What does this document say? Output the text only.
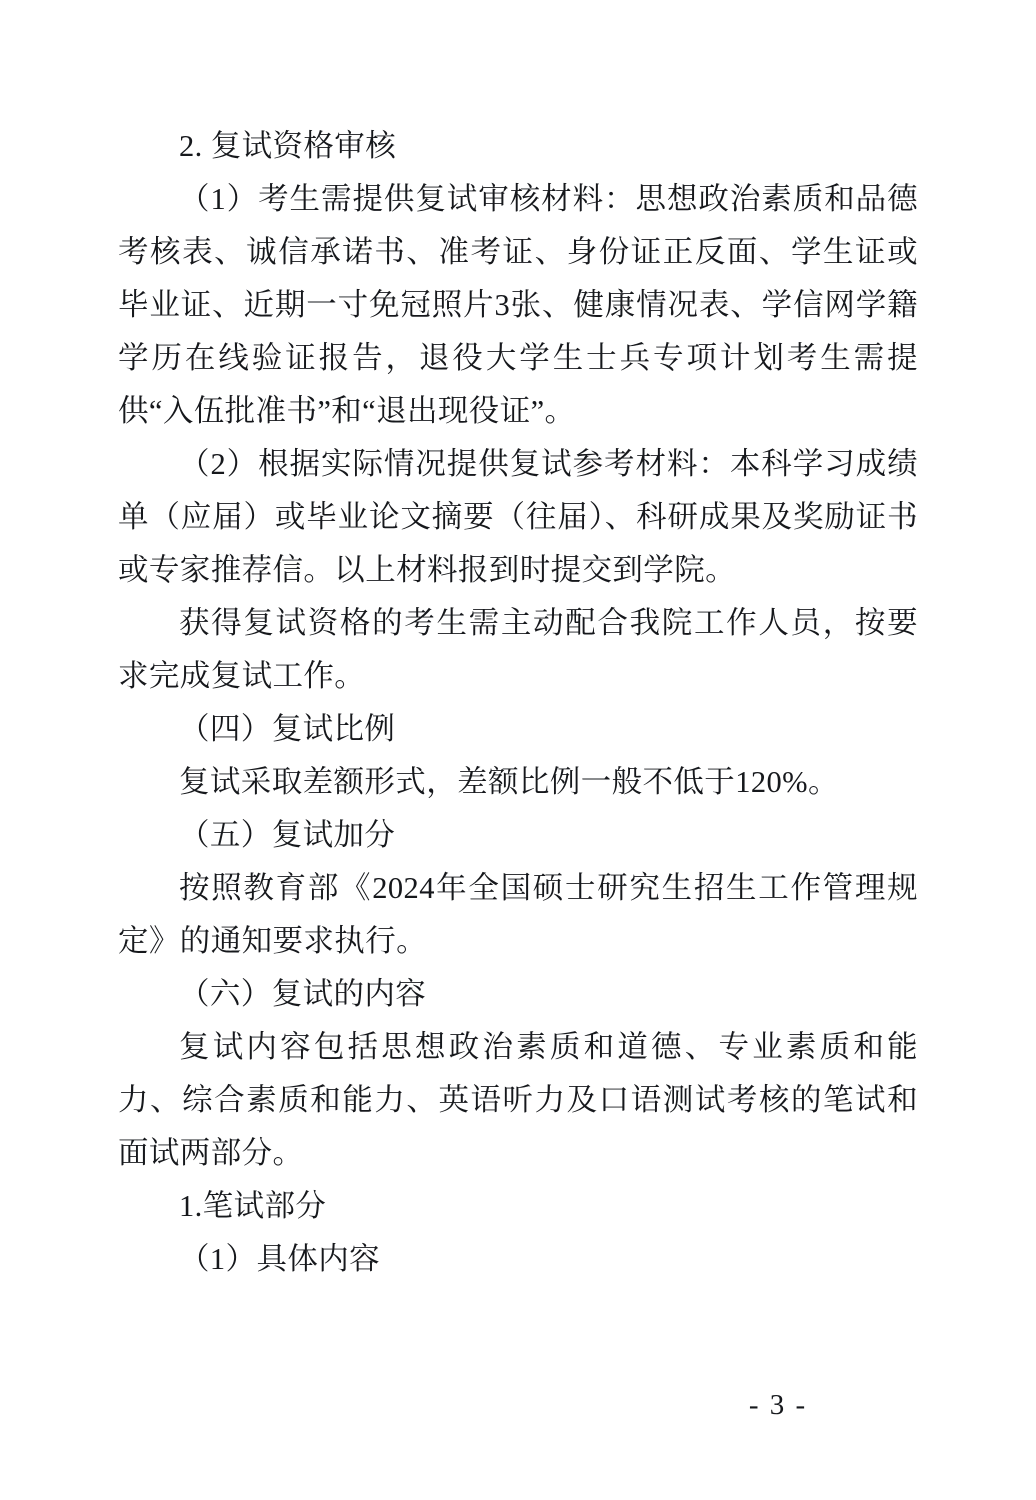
2. 复试资格审核

（1）考生需提供复试审核材料：思想政治素质和品德考核表、诚信承诺书、准考证、身份证正反面、学生证或毕业证、近期一寸免冠照片3张、健康情况表、学信网学籍学历在线验证报告，退役大学生士兵专项计划考生需提供“入伍批准书”和“退出现役证”。

（2）根据实际情况提供复试参考材料：本科学习成绩单（应届）或毕业论文摘要（往届）、科研成果及奖励证书或专家推荐信。以上材料报到时提交到学院。

获得复试资格的考生需主动配合我院工作人员，按要求完成复试工作。

（四）复试比例

复试采取差额形式，差额比例一般不低于120%。

（五）复试加分

按照教育部《2024年全国硕士研究生招生工作管理规定》的通知要求执行。

（六）复试的内容

复试内容包括思想政治素质和道德、专业素质和能力、综合素质和能力、英语听力及口语测试考核的笔试和面试两部分。

1.笔试部分

（1）具体内容

- 3 -
